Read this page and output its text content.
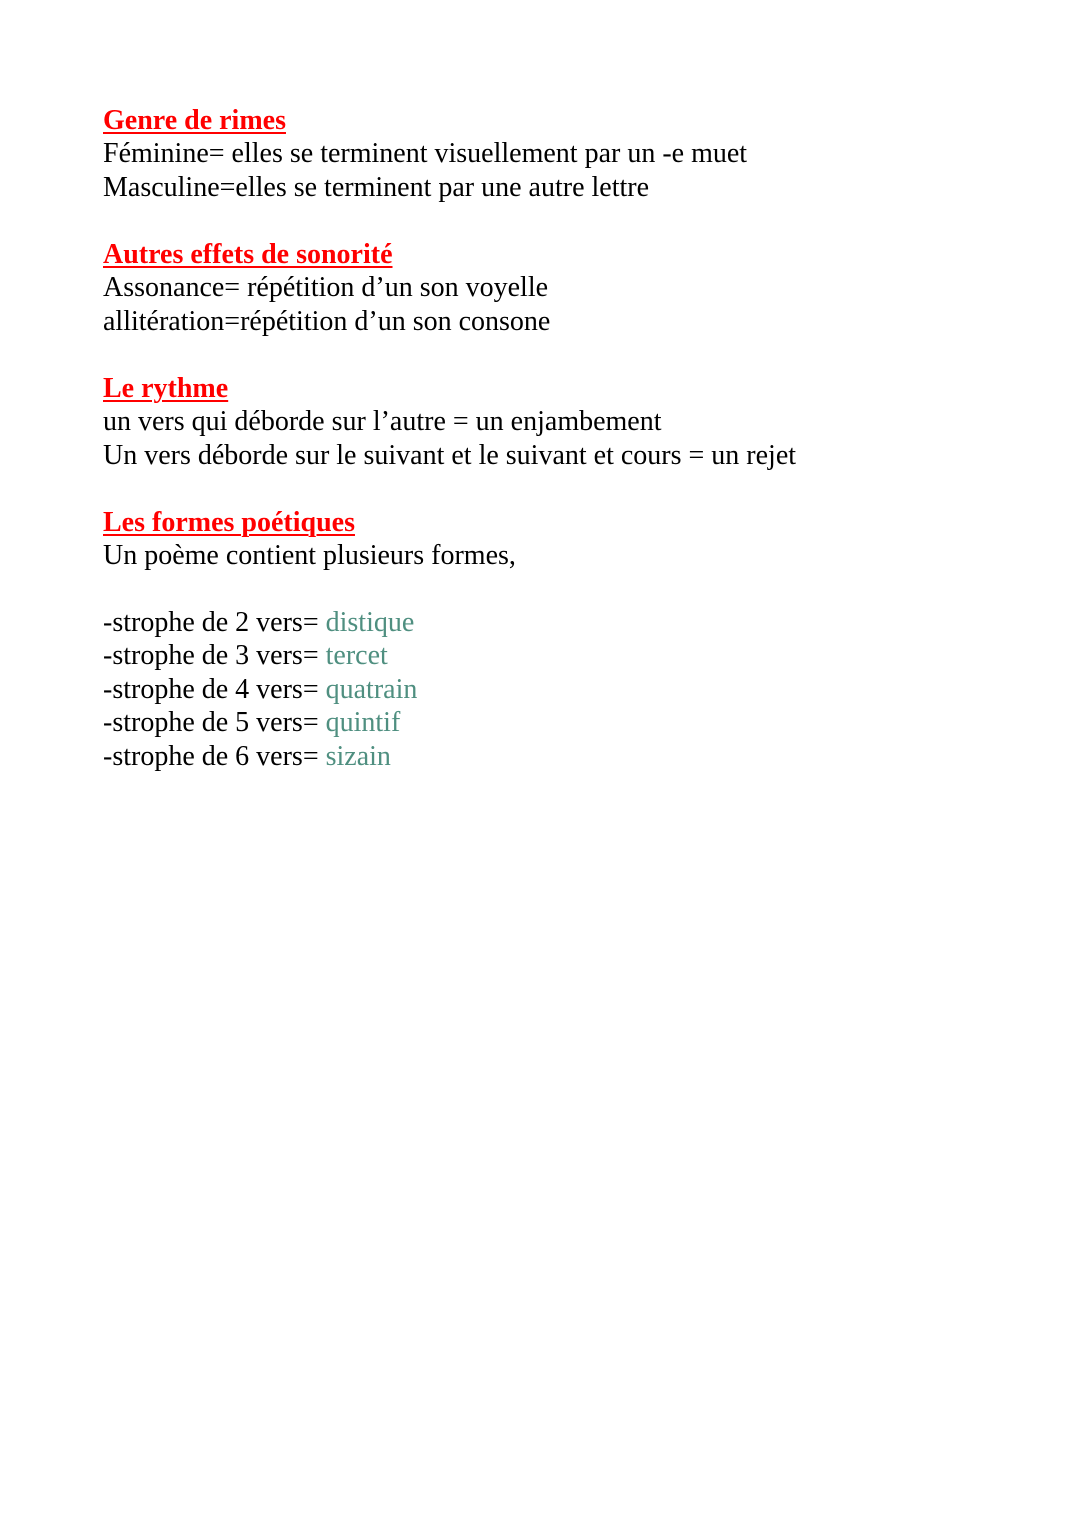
Genre de rimes
Féminine= elles se terminent visuellement par un -e muet
Masculine=elles se terminent par une autre lettre
Autres effets de sonorité
Assonance= répétition d’un son voyelle
allitération=répétition d’un son consone
Le rythme
un vers qui déborde sur l’autre = un enjambement
Un vers déborde sur le suivant et le suivant et cours = un rejet
Les formes poétiques
Un poème contient plusieurs formes,
-strophe de 2 vers= distique
-strophe de 3 vers= tercet
-strophe de 4 vers= quatrain
-strophe de 5 vers= quintif
-strophe de 6 vers= sizain
